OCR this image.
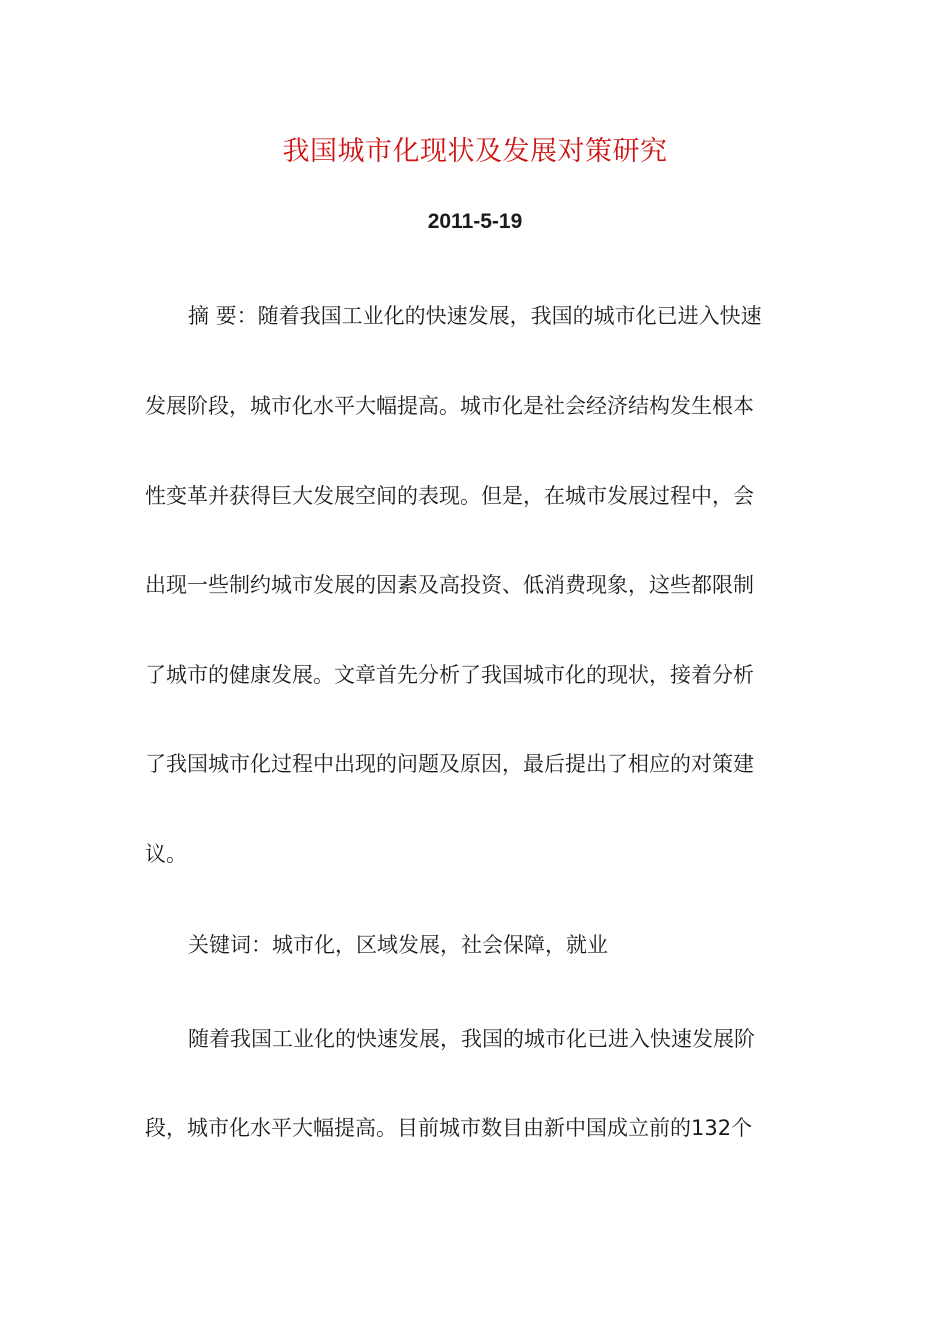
我国城市化现状及发展对策研究
2011-5-19
摘 要：随着我国工业化的快速发展，我国的城市化已进入快速
发展阶段，城市化水平大幅提高。城市化是社会经济结构发生根本
性变革并获得巨大发展空间的表现。但是，在城市发展过程中，会
出现一些制约城市发展的因素及高投资、低消费现象，这些都限制
了城市的健康发展。文章首先分析了我国城市化的现状，接着分析
了我国城市化过程中出现的问题及原因，最后提出了相应的对策建
议。
关键词：城市化，区域发展，社会保障，就业
随着我国工业化的快速发展，我国的城市化已进入快速发展阶
段，城市化水平大幅提高。目前城市数目由新中国成立前的132个
